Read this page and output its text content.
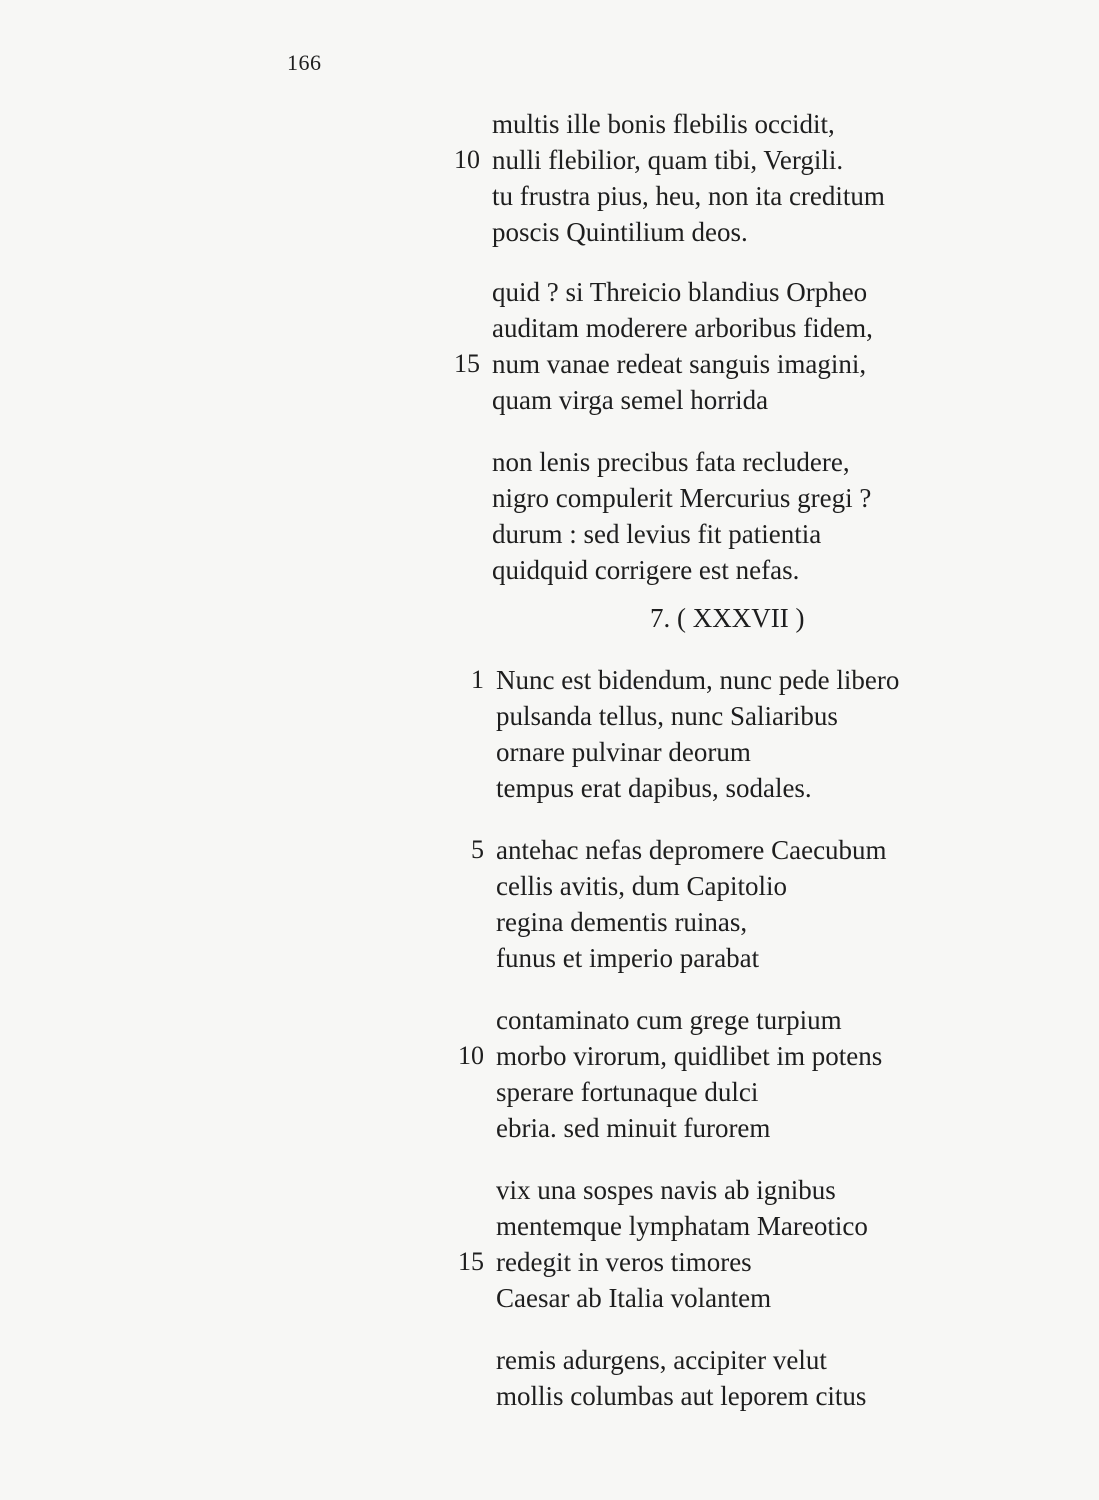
166
multis ille bonis flebilis occidit,
10 nulli flebilior, quam tibi, Vergili.
tu frustra pius, heu, non ita creditum
poscis Quintilium deos.
quid ? si Threicio blandius Orpheo
auditam moderere arboribus fidem,
15 num vanae redeat sanguis imagini,
quam virga semel horrida
non lenis precibus fata recludere,
nigro compulerit Mercurius gregi ?
durum : sed levius fit patientia
quidquid corrigere est nefas.
7. ( XXXVII )
1 Nunc est bidendum, nunc pede libero
pulsanda tellus, nunc Saliaribus
ornare pulvinar deorum
tempus erat dapibus, sodales.
5 antehac nefas depromere Caecubum
cellis avitis, dum Capitolio
regina dementis ruinas,
funus et imperio parabat
contaminato cum grege turpium
10 morbo virorum, quidlibet im potens
sperare fortunaque dulci
ebria. sed minuit furorem
vix una sospes navis ab ignibus
mentemque lymphatam Mareotico
15 redegit in veros timores
Caesar ab Italia volantem
remis adurgens, accipiter velut
mollis columbas aut leporem citus
